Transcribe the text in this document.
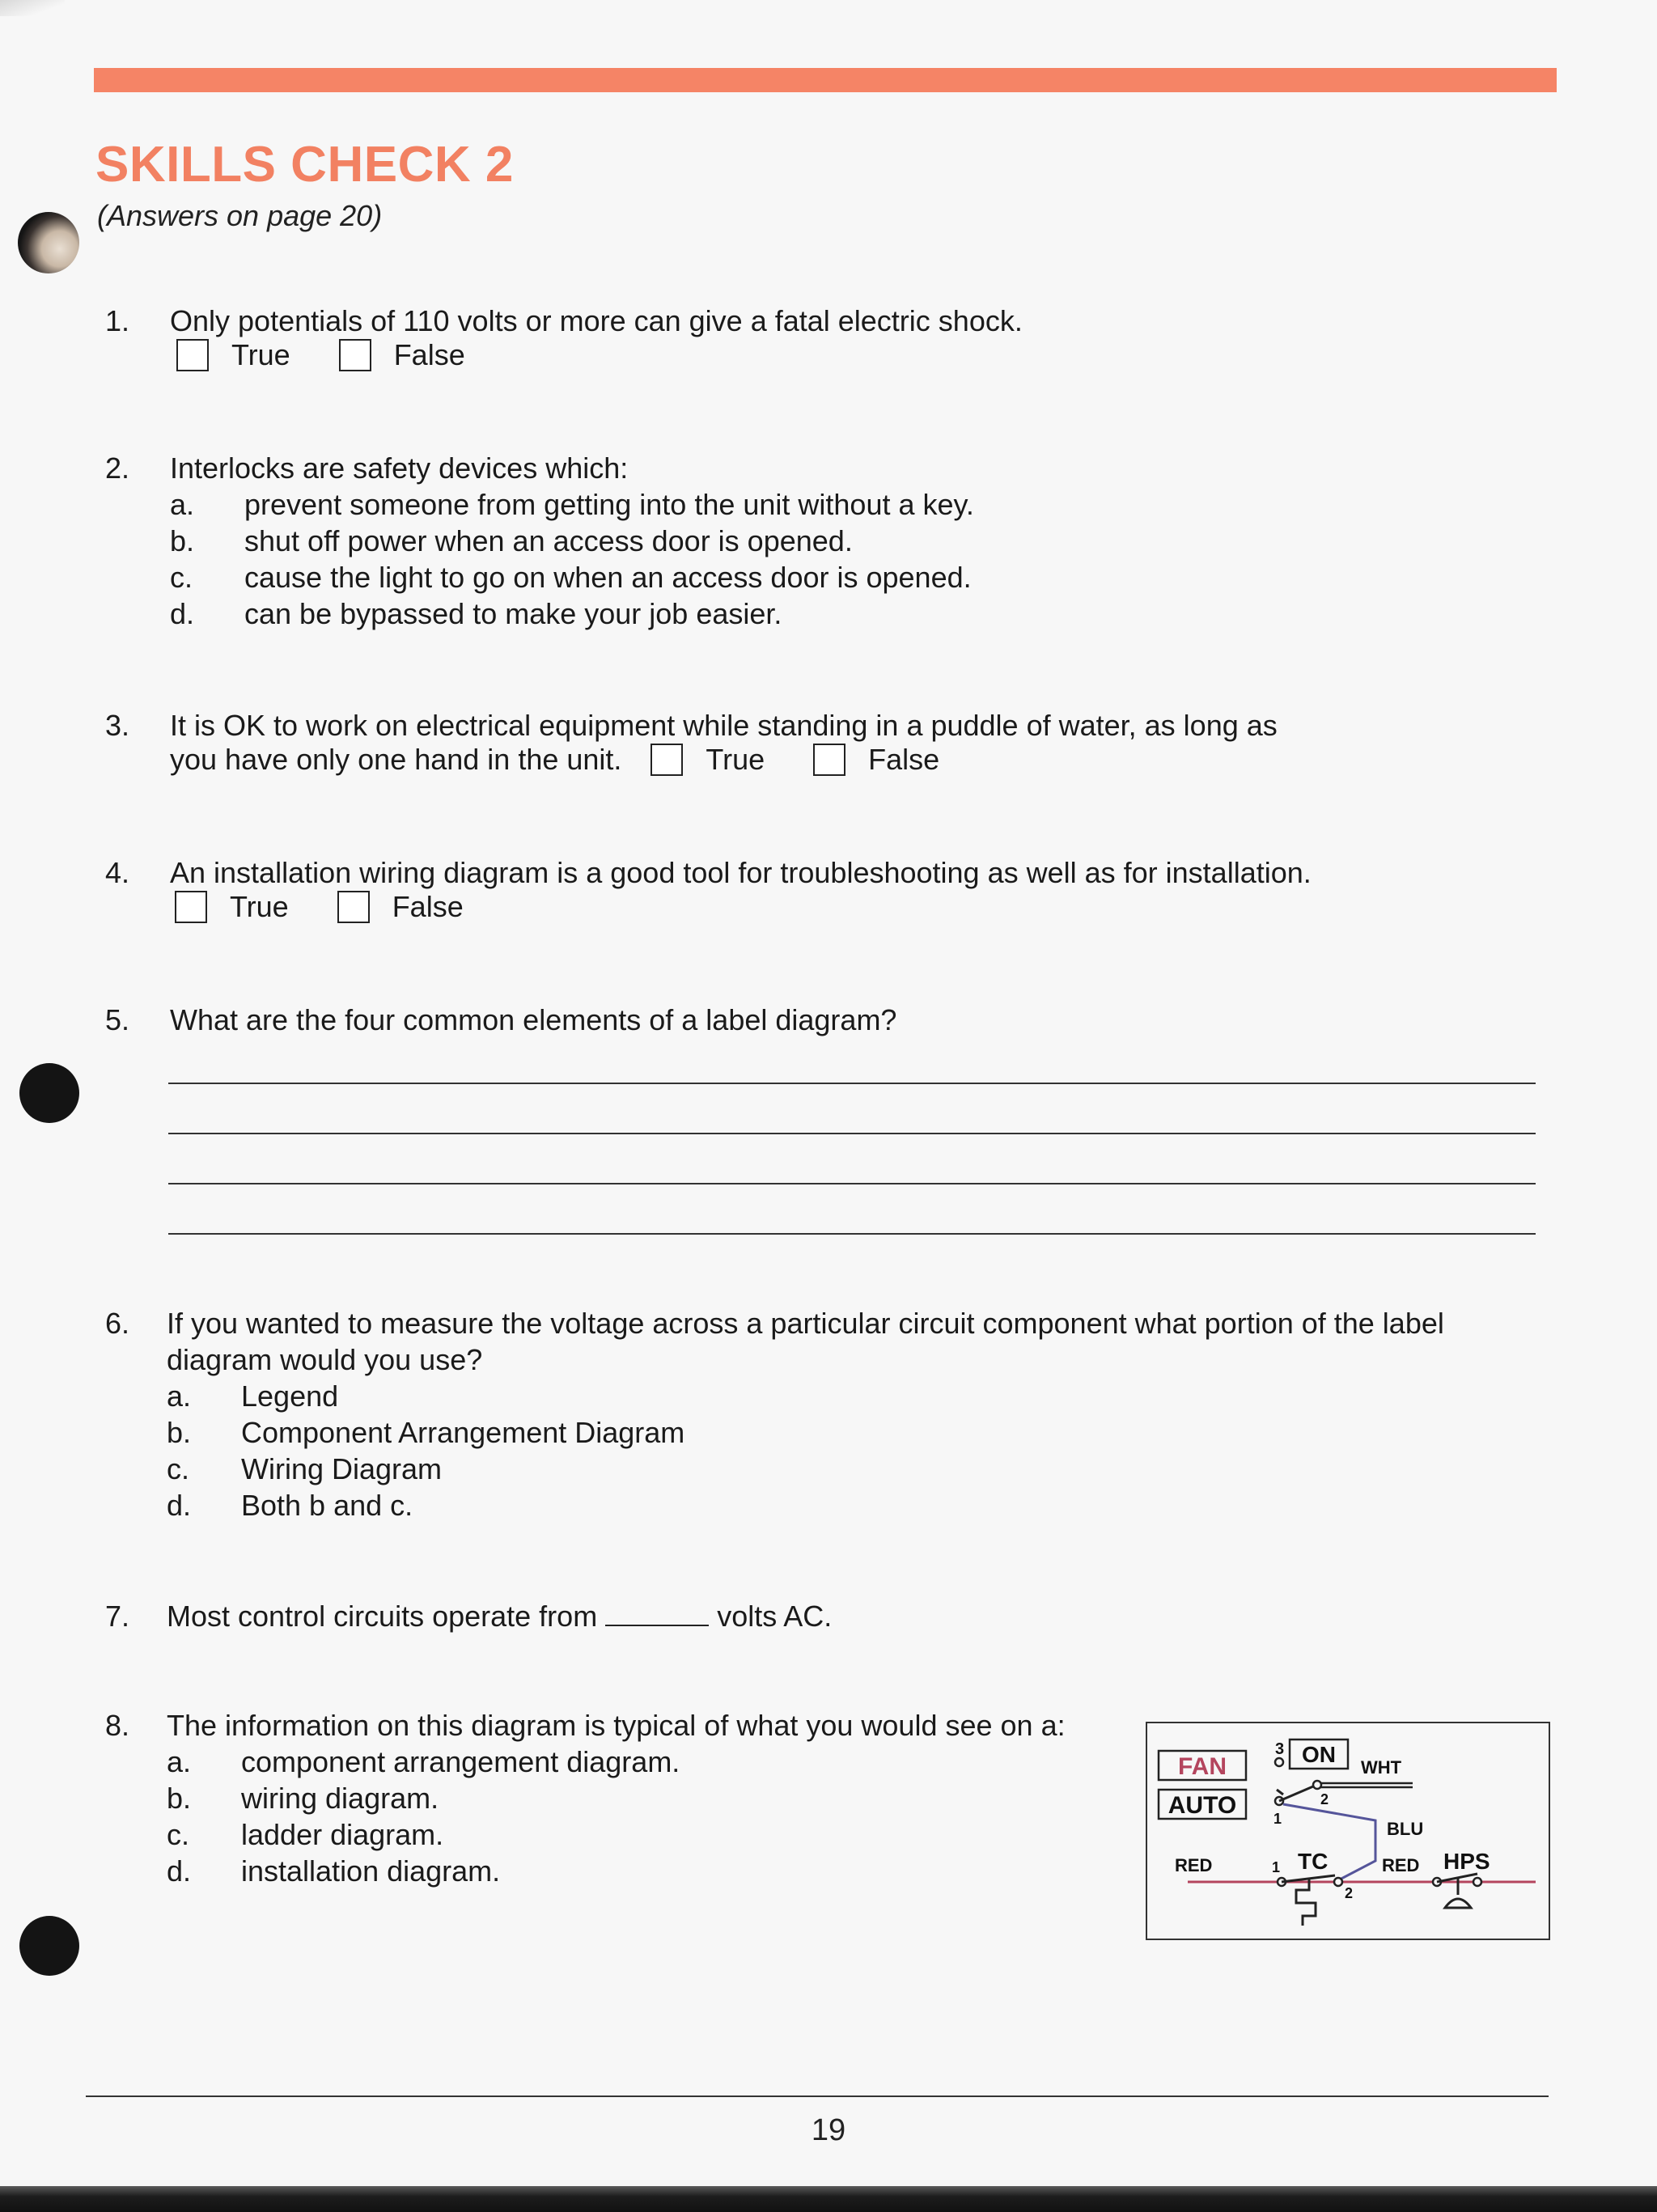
SKILLS CHECK 2

(Answers on page 20)

1. Only potentials of 110 volts or more can give a fatal electric shock.
True	False
2. Interlocks are safety devices which:
a. prevent someone from getting into the unit without a key.
b. shut off power when an access door is opened.
c. cause the light to go on when an access door is opened.
d. can be bypassed to make your job easier.
3. It is OK to work on electrical equipment while standing in a puddle of water, as long as
you have only one hand in the unit.	True	False
4. An installation wiring diagram is a good tool for troubleshooting as well as for installation.
True	False
5. What are the four common elements of a label diagram?
6. If you wanted to measure the voltage across a particular circuit component what portion of the label
diagram would you use?
a. Legend
b. Component Arrangement Diagram
c. Wiring Diagram
d. Both b and c.
7. Most control circuits operate from	volts AC.
8. The information on this diagram is typical of what you would see on a:
a. component arrangement diagram.
b. wiring diagram.
c. ladder diagram.
d. installation diagram.
FAN
AUTO
3 ON
WHT
2
1	BLU
RED	RED
1
2
TC	HPS
19
